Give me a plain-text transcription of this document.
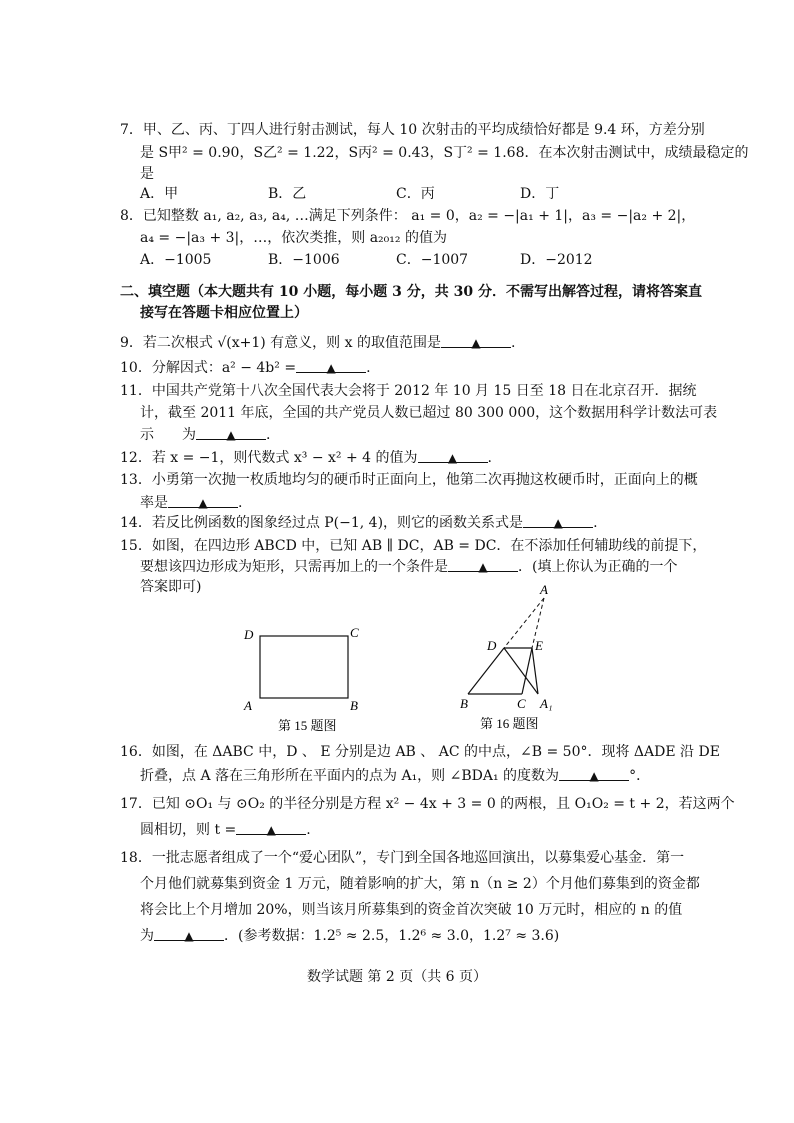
7．甲、乙、丙、丁四人进行射击测试，每人 10 次射击的平均成绩恰好都是 9.4 环，方差分别
是 S甲² = 0.90，S乙² = 1.22，S丙² = 0.43，S丁² = 1.68．在本次射击测试中，成绩最稳定的
是
A．甲	B．乙	C．丙	D．丁
8．已知整数 a₁, a₂, a₃, a₄, …满足下列条件： a₁ = 0，a₂ = −|a₁ + 1|，a₃ = −|a₂ + 2|，
a₄ = −|a₃ + 3|，…，依次类推，则 a₂₀₁₂ 的值为
A．−1005	B．−1006	C．−1007	D．−2012
二、填空题（本大题共有 10 小题，每小题 3 分，共 30 分．不需写出解答过程，请将答案直
接写在答题卡相应位置上）
9．若二次根式 √(x+1) 有意义，则 x 的取值范围是	▲ .
10．分解因式：a² − 4b² =	▲ .
11．中国共产党第十八次全国代表大会将于 2012 年 10 月 15 日至 18 日在北京召开．据统
计，截至 2011 年底，全国的共产党员人数已超过 80 300 000，这个数据用科学计数法可表
示　　为	▲ .
12．若 x = −1，则代数式 x³ − x² + 4 的值为	▲ .
13．小勇第一次抛一枚质地均匀的硬币时正面向上，他第二次再抛这枚硬币时，正面向上的概
率是	▲ .
14．若反比例函数的图象经过点 P(−1, 4)，则它的函数关系式是	▲ .
15．如图，在四边形 ABCD 中，已知 AB ∥ DC，AB = DC．在不添加任何辅助线的前提下，
要想该四边形成为矩形，只需再加上的一个条件是	▲ ．(填上你认为正确的一个
答案即可)
D	C
A	B
第 15 题图
A
D	E
B	C A₁
第 16 题图
16．如图，在 ΔABC 中，D 、 E 分别是边 AB 、 AC 的中点，∠B = 50°．现将 ΔADE 沿 DE
折叠，点 A 落在三角形所在平面内的点为 A₁，则 ∠BDA₁ 的度数为	▲ °．
17．已知 ⊙O₁ 与 ⊙O₂ 的半径分别是方程 x² − 4x + 3 = 0 的两根，且 O₁O₂ = t + 2，若这两个
圆相切，则 t =	▲ .
18．一批志愿者组成了一个“爱心团队”，专门到全国各地巡回演出，以募集爱心基金．第一
个月他们就募集到资金 1 万元，随着影响的扩大，第 n（n ≥ 2）个月他们募集到的资金都
将会比上个月增加 20%，则当该月所募集到的资金首次突破 10 万元时，相应的 n 的值
为	▲ ．(参考数据：1.2⁵ ≈ 2.5，1.2⁶ ≈ 3.0，1.2⁷ ≈ 3.6)
数学试题 第 2 页（共 6 页）
